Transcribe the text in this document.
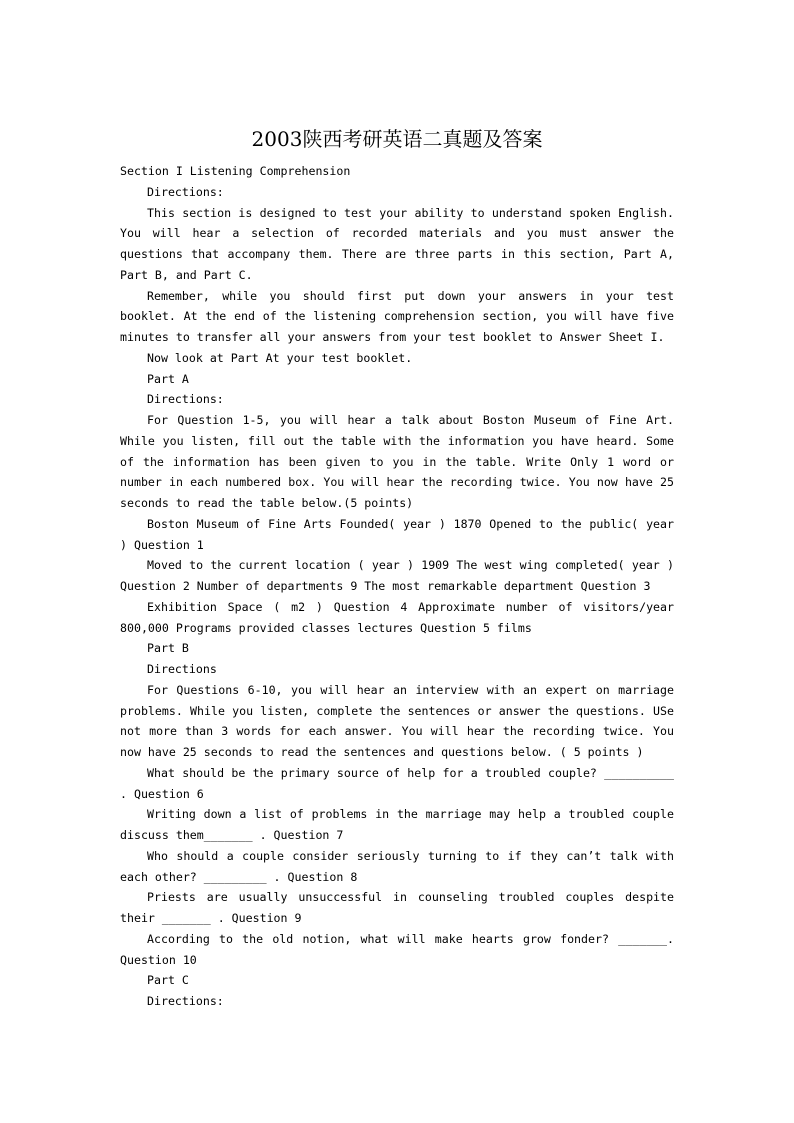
2003陕西考研英语二真题及答案

Section I Listening Comprehension

Directions:

This section is designed to test your ability to understand spoken English. You will hear a selection of recorded materials and you must answer the questions that accompany them. There are three parts in this section, Part A, Part B, and Part C.

Remember, while you should first put down your answers in your test booklet. At the end of the listening comprehension section, you will have five minutes to transfer all your answers from your test booklet to Answer Sheet I.

Now look at Part At your test booklet.

Part A

Directions:

For Question 1-5, you will hear a talk about Boston Museum of Fine Art. While you listen, fill out the table with the information you have heard. Some of the information has been given to you in the table. Write Only 1 word or number in each numbered box. You will hear the recording twice. You now have 25 seconds to read the table below.(5 points)

Boston Museum of Fine Arts Founded( year ) 1870 Opened to the public( year ) Question 1

Moved to the current location ( year ) 1909 The west wing completed( year ) Question 2 Number of departments 9 The most remarkable department Question 3

Exhibition Space ( m2 ) Question 4 Approximate number of visitors/year 800,000 Programs provided classes lectures Question 5 films

Part B

Directions

For Questions 6-10, you will hear an interview with an expert on marriage problems. While you listen, complete the sentences or answer the questions. USe not more than 3 words for each answer. You will hear the recording twice. You now have 25 seconds to read the sentences and questions below. ( 5 points )

What should be the primary source of help for a troubled couple? __________ . Question 6

Writing down a list of problems in the marriage may help a troubled couple discuss them_______ . Question 7

Who should a couple consider seriously turning to if they can’t talk with each other? _________ . Question 8

Priests are usually unsuccessful in counseling troubled couples despite their _______ . Question 9

According to the old notion, what will make hearts grow fonder? _______. Question 10

Part C

Directions:
